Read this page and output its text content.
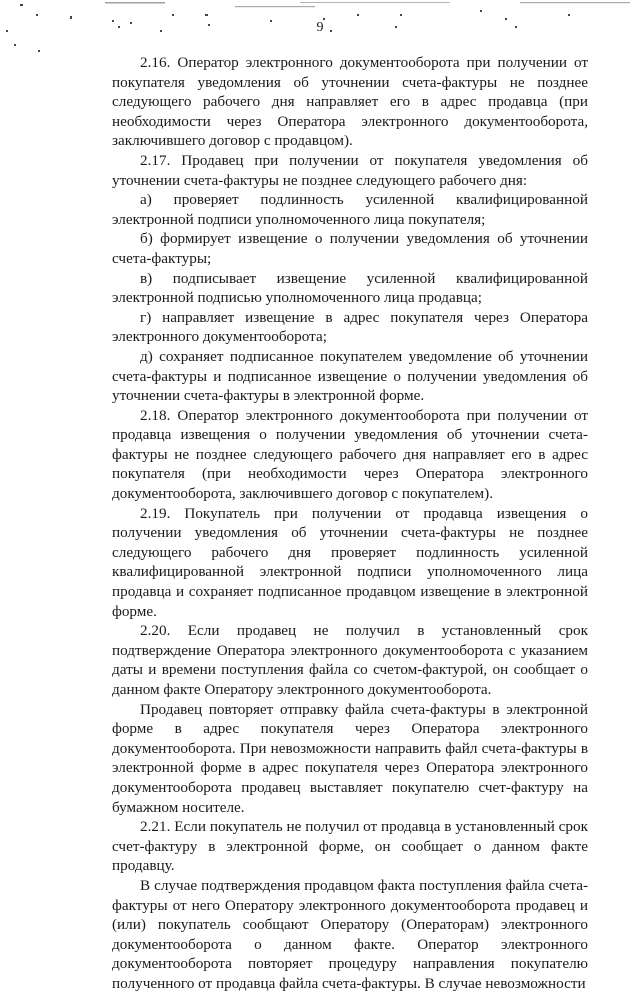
9

2.16. Оператор электронного документооборота при получении от покупателя уведомления об уточнении счета-фактуры не позднее следующего рабочего дня направляет его в адрес продавца (при необходимости через Оператора электронного документооборота, заключившего договор с продавцом).

2.17. Продавец при получении от покупателя уведомления об уточнении счета-фактуры не позднее следующего рабочего дня:

а) проверяет подлинность усиленной квалифицированной электронной подписи уполномоченного лица покупателя;

б) формирует извещение о получении уведомления об уточнении счета-фактуры;

в) подписывает извещение усиленной квалифицированной электронной подписью уполномоченного лица продавца;

г) направляет извещение в адрес покупателя через Оператора электронного документооборота;

д) сохраняет подписанное покупателем уведомление об уточнении счета-фактуры и подписанное извещение о получении уведомления об уточнении счета-фактуры в электронной форме.

2.18. Оператор электронного документооборота при получении от продавца извещения о получении уведомления об уточнении счета-фактуры не позднее следующего рабочего дня направляет его в адрес покупателя (при необходимости через Оператора электронного документооборота, заключившего договор с покупателем).

2.19. Покупатель при получении от продавца извещения о получении уведомления об уточнении счета-фактуры не позднее следующего рабочего дня проверяет подлинность усиленной квалифицированной электронной подписи уполномоченного лица продавца и сохраняет подписанное продавцом извещение в электронной форме.

2.20. Если продавец не получил в установленный срок подтверждение Оператора электронного документооборота с указанием даты и времени поступления файла со счетом-фактурой, он сообщает о данном факте Оператору электронного документооборота.

Продавец повторяет отправку файла счета-фактуры в электронной форме в адрес покупателя через Оператора электронного документооборота. При невозможности направить файл счета-фактуры в электронной форме в адрес покупателя через Оператора электронного документооборота продавец выставляет покупателю счет-фактуру на бумажном носителе.

2.21. Если покупатель не получил от продавца в установленный срок счет-фактуру в электронной форме, он сообщает о данном факте продавцу.

В случае подтверждения продавцом факта поступления файла счета-фактуры от него Оператору электронного документооборота продавец и (или) покупатель сообщают Оператору (Операторам) электронного документооборота о данном факте. Оператор электронного документооборота повторяет процедуру направления покупателю полученного от продавца файла счета-фактуры. В случае невозможности
